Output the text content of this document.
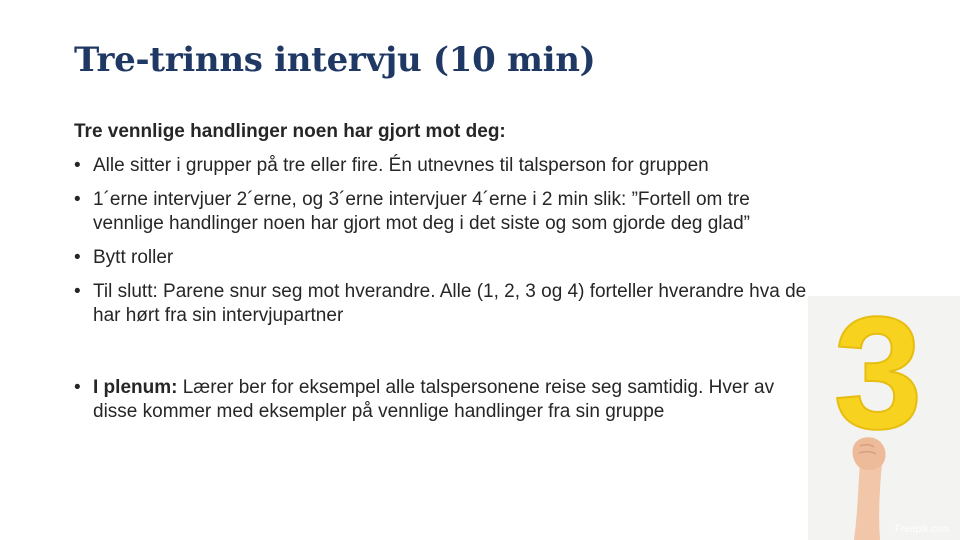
Tre-trinns intervju (10 min)

Tre vennlige handlinger noen har gjort mot deg:

• Alle sitter i grupper på tre eller fire. Én utnevnes til talsperson for gruppen
• 1´erne intervjuer 2´erne, og 3´erne intervjuer 4´erne i 2 min slik: ”Fortell om tre vennlige handlinger noen har gjort mot deg i det siste og som gjorde deg glad”
• Bytt roller
• Til slutt: Parene snur seg mot hverandre. Alle (1, 2, 3 og 4) forteller hverandre hva de har hørt fra sin intervjupartner
• I plenum: Lærer ber for eksempel alle talspersonene reise seg samtidig. Hver av disse kommer med eksempler på vennlige handlinger fra sin gruppe	3
Freepik.com
